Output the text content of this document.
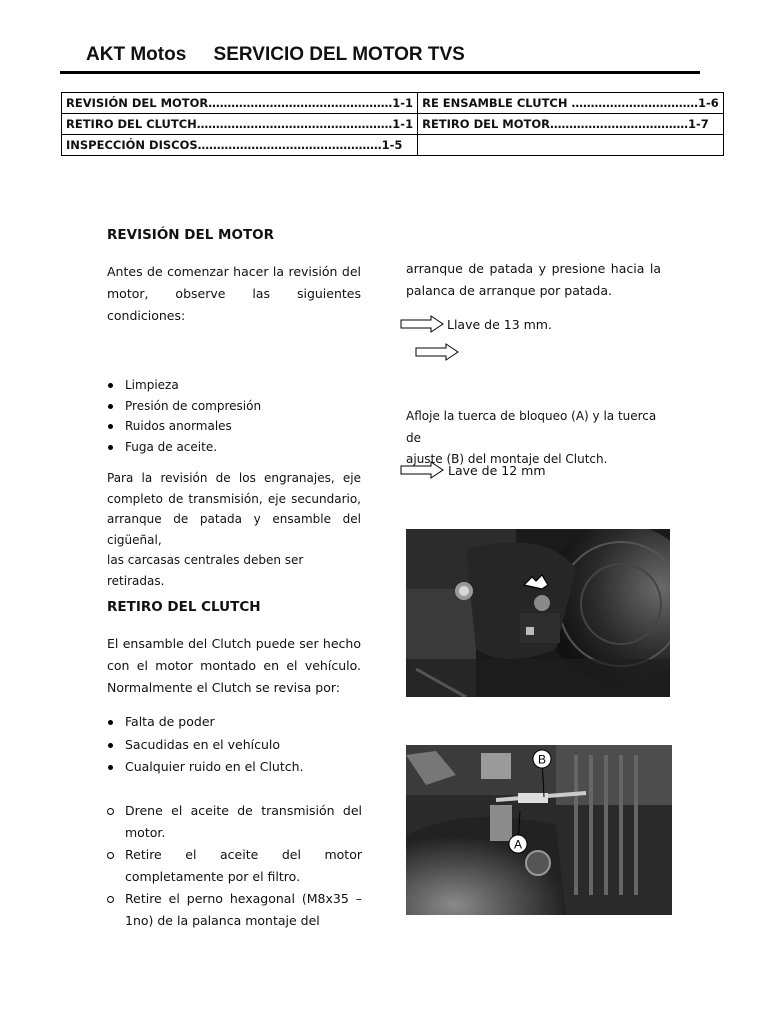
AKT Motos SERVICIO DEL MOTOR TVS
REVISIÓN DEL MOTOR…………………………………………1-1	RE ENSAMBLE CLUTCH ……………………………1-6
RETIRO DEL CLUTCH……………………………………………1-1	RETIRO DEL MOTOR………………………………1-7
INSPECCIÓN DISCOS…………………………………………1-5	
REVISIÓN DEL MOTOR
Antes de comenzar hacer la revisión del
motor, observe las siguientes
condiciones:
Limpieza
Presión de compresión
Ruidos anormales
Fuga de aceite.
Para la revisión de los engranajes, eje
completo de transmisión, eje secundario,
arranque de patada y ensamble del cigüeñal,
las carcasas centrales deben ser retiradas.
RETIRO DEL CLUTCH
El ensamble del Clutch puede ser hecho
con el motor montado en el vehículo.
Normalmente el Clutch se revisa por:
Falta de poder
Sacudidas en el vehículo
Cualquier ruido en el Clutch.
Drene el aceite de transmisión del
motor.
Retire el aceite del motor
completamente por el filtro.
Retire el perno hexagonal (M8x35 –
1no) de la palanca montaje del
arranque de patada y presione hacia la
palanca de arranque por patada.
Llave de 13 mm.
Afloje la tuerca de bloqueo (A) y la tuerca de
ajuste (B) del montaje del Clutch.
Lave de 12 mm
B
A
